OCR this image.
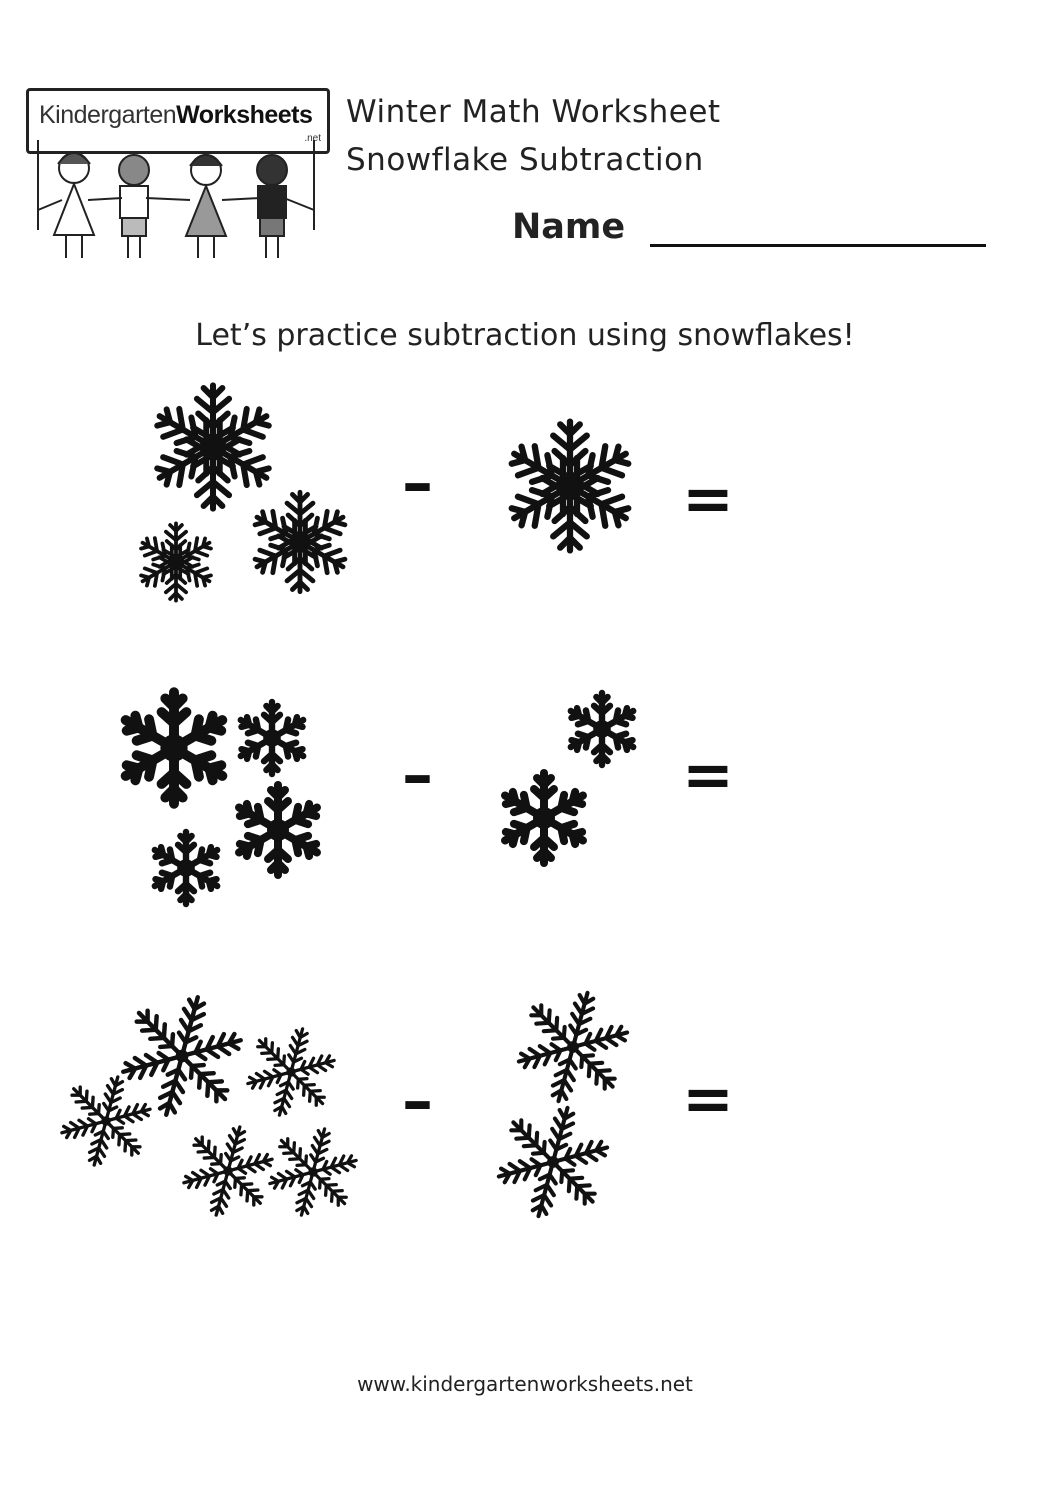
KindergartenWorksheets
.net
Winter Math Worksheet
Snowflake Subtraction
Name
Let’s practice subtraction using snowflakes!
–	=
–	=
–	=
www.kindergartenworksheets.net
